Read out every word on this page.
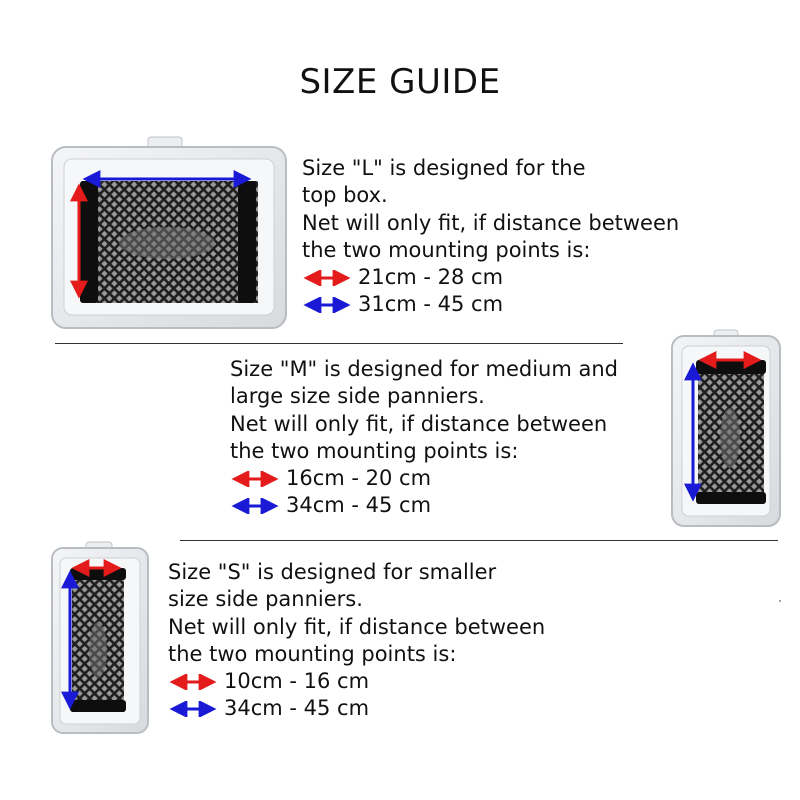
SIZE GUIDE
Size "L" is designed for the
top box.
Net will only fit, if distance between
the two mounting points is:
21cm - 28 cm
31cm - 45 cm
Size "M" is designed for medium and
large size side panniers.
Net will only fit, if distance between
the two mounting points is:
16cm - 20 cm
34cm - 45 cm
Size "S" is designed for smaller
size side panniers.
Net will only fit, if distance between
the two mounting points is:
10cm - 16 cm
34cm - 45 cm
